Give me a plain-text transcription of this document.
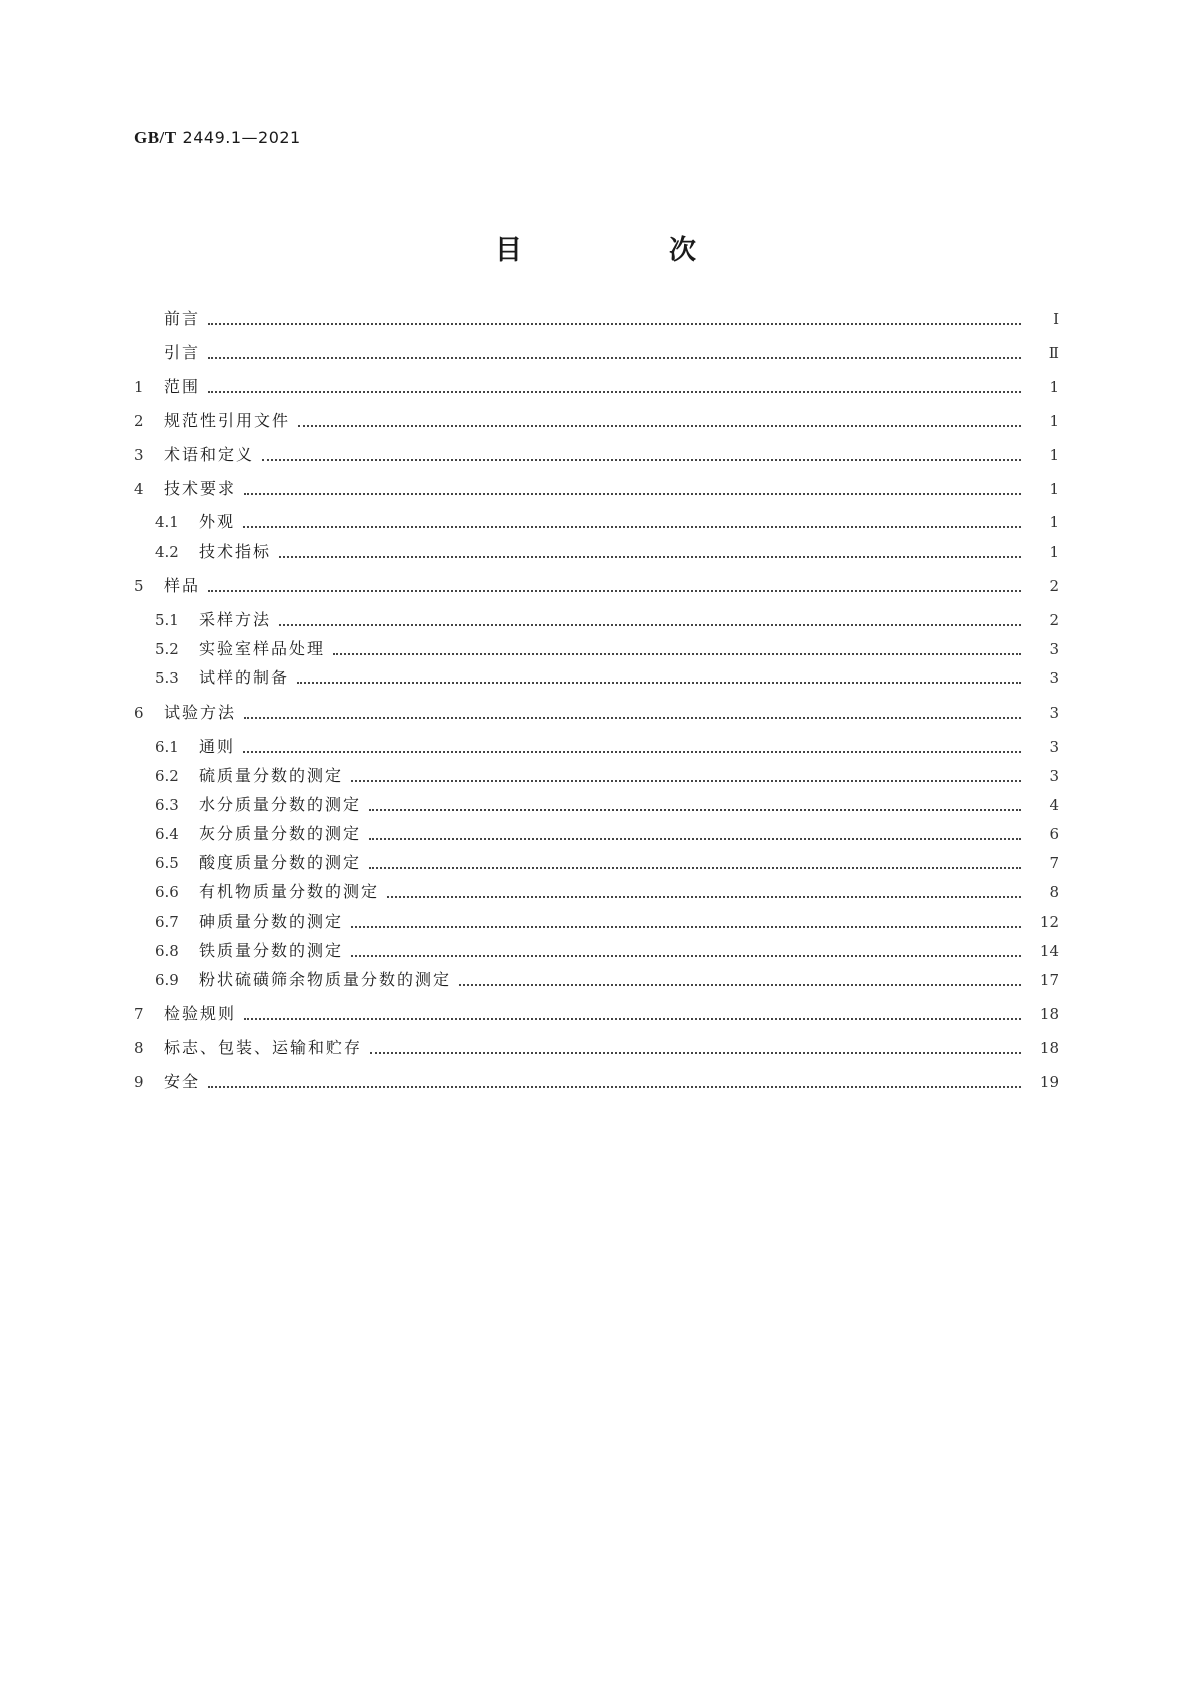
GB/T 2449.1—2021
目　次
前言	Ⅰ
引言	Ⅱ
1	范围	1
2	规范性引用文件	1
3	术语和定义	1
4	技术要求	1
4.1	外观	1
4.2	技术指标	1
5	样品	2
5.1	采样方法	2
5.2	实验室样品处理	3
5.3	试样的制备	3
6	试验方法	3
6.1	通则	3
6.2	硫质量分数的测定	3
6.3	水分质量分数的测定	4
6.4	灰分质量分数的测定	6
6.5	酸度质量分数的测定	7
6.6	有机物质量分数的测定	8
6.7	砷质量分数的测定	12
6.8	铁质量分数的测定	14
6.9	粉状硫磺筛余物质量分数的测定	17
7	检验规则	18
8	标志、包装、运输和贮存	18
9	安全	19
